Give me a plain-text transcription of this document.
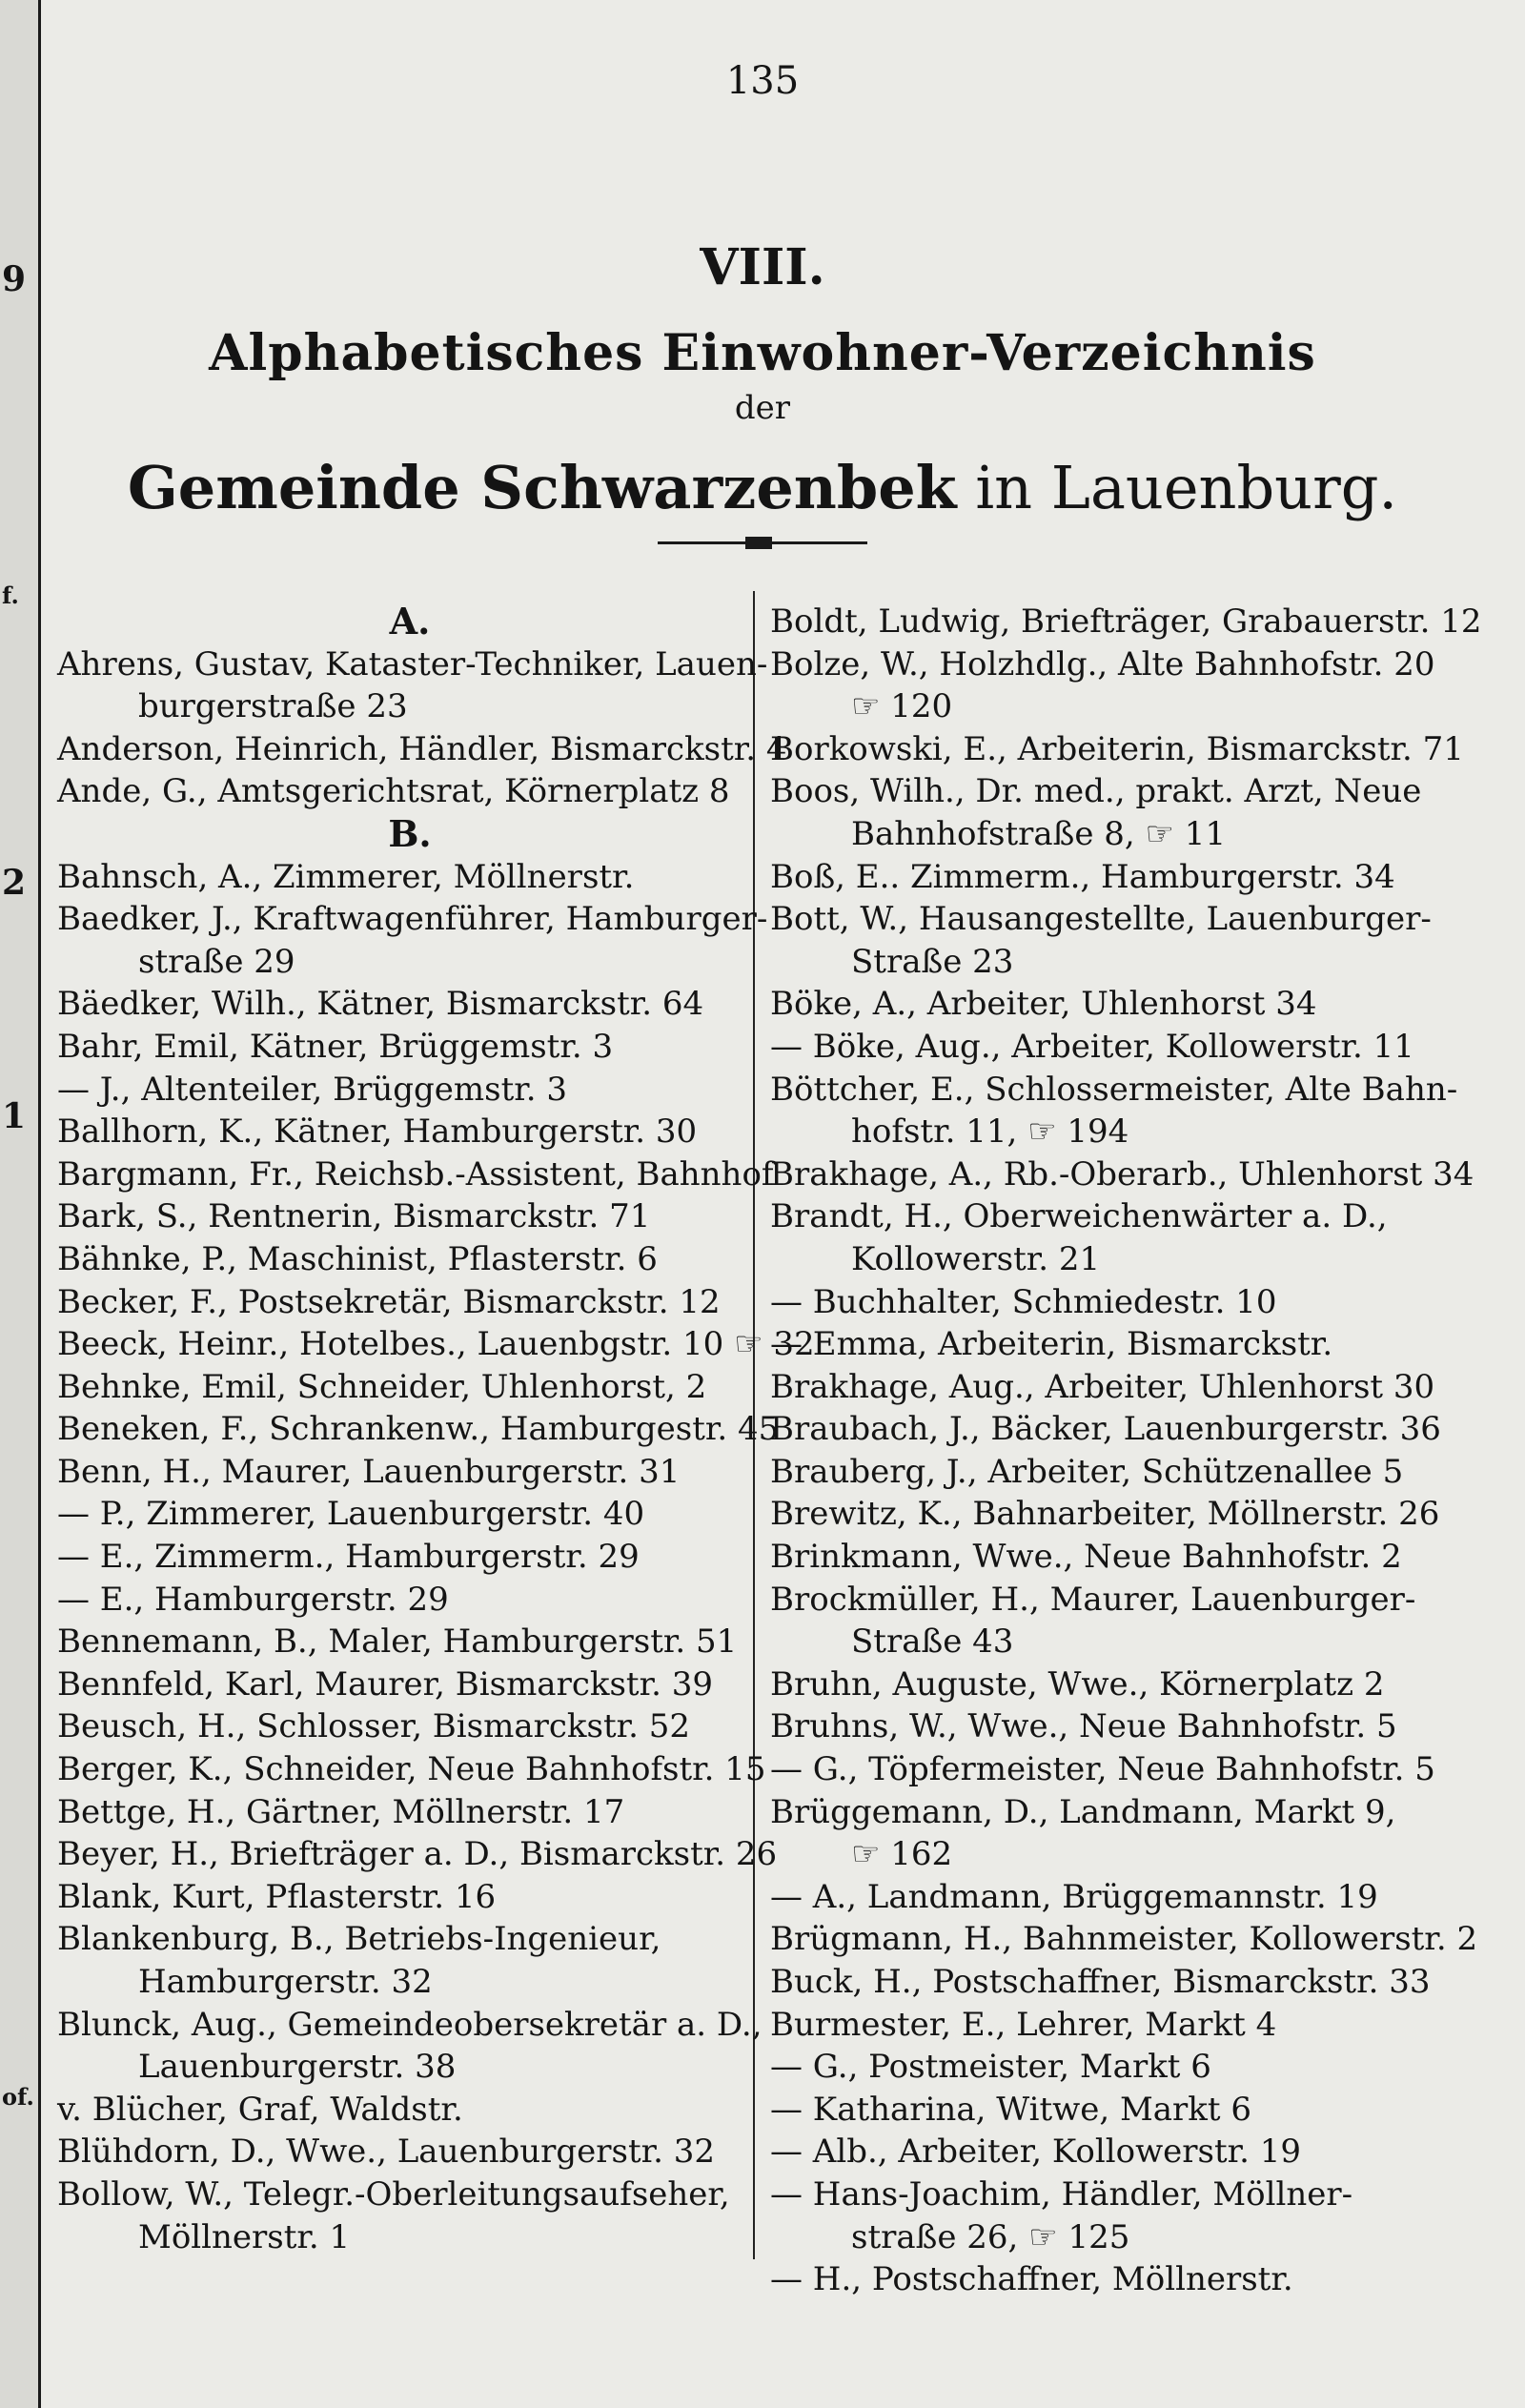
9
f.
2
1
of.
135
VIII.
Alphabetisches Einwohner-Verzeichnis
der
Gemeinde Schwarzenbek in Lauenburg.
A.
Ahrens, Gustav, Kataster-Techniker, Lauen-
burgerstraße 23
Anderson, Heinrich, Händler, Bismarckstr. 4
Ande, G., Amtsgerichtsrat, Körnerplatz 8
B.
Bahnsch, A., Zimmerer, Möllnerstr.
Baedker, J., Kraftwagenführer, Hamburger-
straße 29
Bäedker, Wilh., Kätner, Bismarckstr. 64
Bahr, Emil, Kätner, Brüggemstr. 3
— J., Altenteiler, Brüggemstr. 3
Ballhorn, K., Kätner, Hamburgerstr. 30
Bargmann, Fr., Reichsb.-Assistent, Bahnhof
Bark, S., Rentnerin, Bismarckstr. 71
Bähnke, P., Maschinist, Pflasterstr. 6
Becker, F., Postsekretär, Bismarckstr. 12
Beeck, Heinr., Hotelbes., Lauenbgstr. 10 ☞ 32
Behnke, Emil, Schneider, Uhlenhorst, 2
Beneken, F., Schrankenw., Hamburgestr. 45
Benn, H., Maurer, Lauenburgerstr. 31
— P., Zimmerer, Lauenburgerstr. 40
— E., Zimmerm., Hamburgerstr. 29
— E., Hamburgerstr. 29
Bennemann, B., Maler, Hamburgerstr. 51
Bennfeld, Karl, Maurer, Bismarckstr. 39
Beusch, H., Schlosser, Bismarckstr. 52
Berger, K., Schneider, Neue Bahnhofstr. 15
Bettge, H., Gärtner, Möllnerstr. 17
Beyer, H., Briefträger a. D., Bismarckstr. 26
Blank, Kurt, Pflasterstr. 16
Blankenburg, B., Betriebs-Ingenieur,
Hamburgerstr. 32
Blunck, Aug., Gemeindeobersekretär a. D.,
Lauenburgerstr. 38
v. Blücher, Graf, Waldstr.
Blühdorn, D., Wwe., Lauenburgerstr. 32
Bollow, W., Telegr.-Oberleitungsaufseher,
Möllnerstr. 1
Boldt, Ludwig, Briefträger, Grabauerstr. 12
Bolze, W., Holzhdlg., Alte Bahnhofstr. 20
☞ 120
Borkowski, E., Arbeiterin, Bismarckstr. 71
Boos, Wilh., Dr. med., prakt. Arzt, Neue
Bahnhofstraße 8, ☞ 11
Boß, E.. Zimmerm., Hamburgerstr. 34
Bott, W., Hausangestellte, Lauenburger-
Straße 23
Böke, A., Arbeiter, Uhlenhorst 34
— Böke, Aug., Arbeiter, Kollowerstr. 11
Böttcher, E., Schlossermeister, Alte Bahn-
hofstr. 11, ☞ 194
Brakhage, A., Rb.-Oberarb., Uhlenhorst 34
Brandt, H., Oberweichenwärter a. D.,
Kollowerstr. 21
— Buchhalter, Schmiedestr. 10
— Emma, Arbeiterin, Bismarckstr.
Brakhage, Aug., Arbeiter, Uhlenhorst 30
Braubach, J., Bäcker, Lauenburgerstr. 36
Brauberg, J., Arbeiter, Schützenallee 5
Brewitz, K., Bahnarbeiter, Möllnerstr. 26
Brinkmann, Wwe., Neue Bahnhofstr. 2
Brockmüller, H., Maurer, Lauenburger-
Straße 43
Bruhn, Auguste, Wwe., Körnerplatz 2
Bruhns, W., Wwe., Neue Bahnhofstr. 5
— G., Töpfermeister, Neue Bahnhofstr. 5
Brüggemann, D., Landmann, Markt 9,
☞ 162
— A., Landmann, Brüggemannstr. 19
Brügmann, H., Bahnmeister, Kollowerstr. 2
Buck, H., Postschaffner, Bismarckstr. 33
Burmester, E., Lehrer, Markt 4
— G., Postmeister, Markt 6
— Katharina, Witwe, Markt 6
— Alb., Arbeiter, Kollowerstr. 19
— Hans-Joachim, Händler, Möllner-
straße 26, ☞ 125
— H., Postschaffner, Möllnerstr.
